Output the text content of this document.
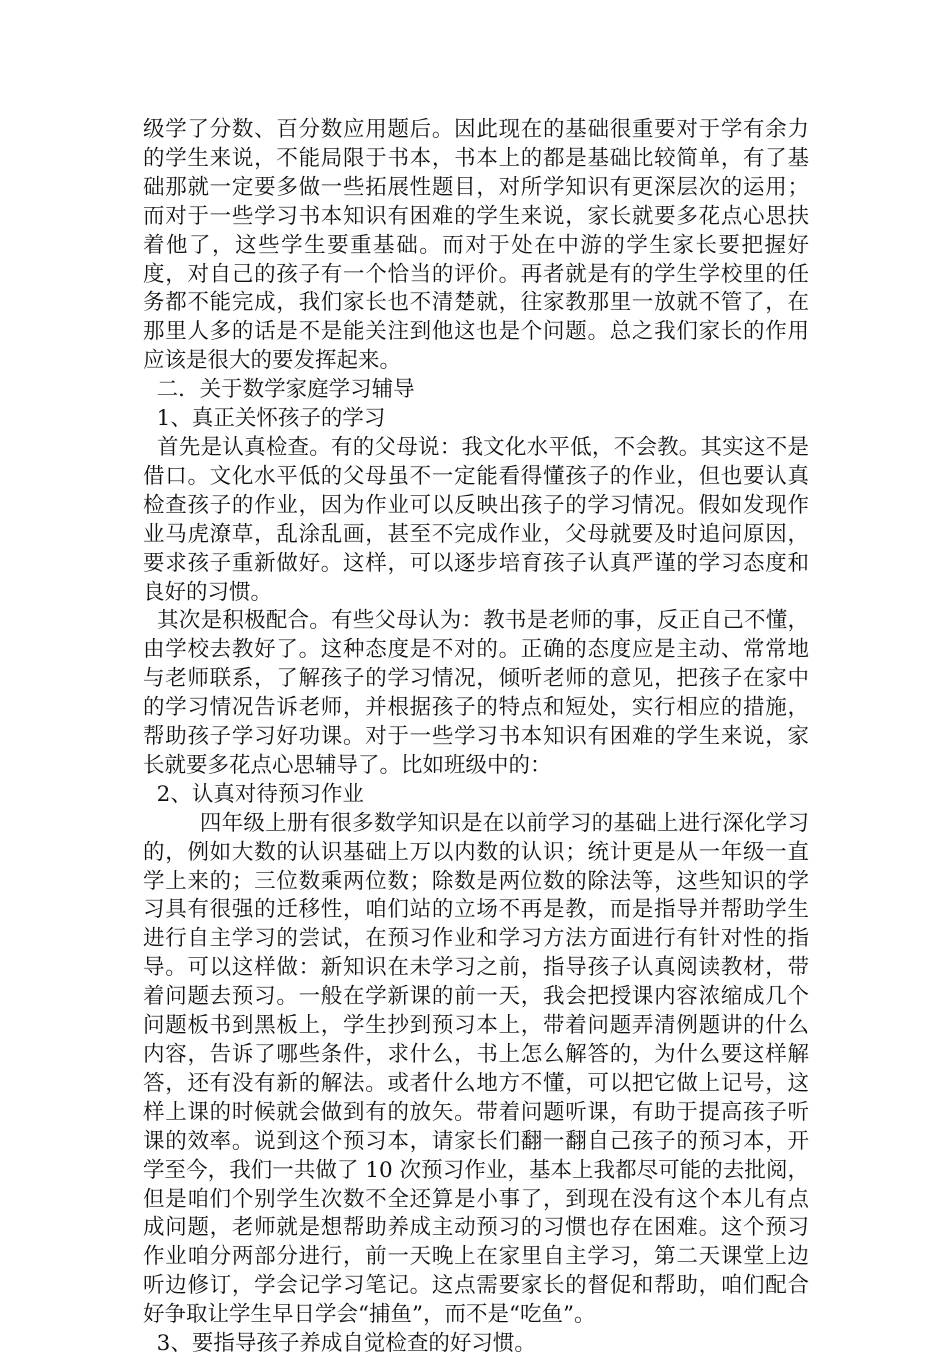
级学了分数、百分数应用题后。因此现在的基础很重要对于学有余力的学生来说，不能局限于书本，书本上的都是基础比较简单，有了基础那就一定要多做一些拓展性题目，对所学知识有更深层次的运用；而对于一些学习书本知识有困难的学生来说，家长就要多花点心思扶着他了，这些学生要重基础。而对于处在中游的学生家长要把握好度，对自己的孩子有一个恰当的评价。再者就是有的学生学校里的任务都不能完成，我们家长也不清楚就，往家教那里一放就不管了，在那里人多的话是不是能关注到他这也是个问题。总之我们家长的作用应该是很大的要发挥起来。

二．关于数学家庭学习辅导

1、真正关怀孩子的学习

首先是认真检查。有的父母说：我文化水平低，不会教。其实这不是借口。文化水平低的父母虽不一定能看得懂孩子的作业，但也要认真检查孩子的作业，因为作业可以反映出孩子的学习情况。假如发现作业马虎潦草，乱涂乱画，甚至不完成作业，父母就要及时追问原因，要求孩子重新做好。这样，可以逐步培育孩子认真严谨的学习态度和良好的习惯。

其次是积极配合。有些父母认为：教书是老师的事，反正自己不懂，由学校去教好了。这种态度是不对的。正确的态度应是主动、常常地与老师联系，了解孩子的学习情况，倾听老师的意见，把孩子在家中的学习情况告诉老师，并根据孩子的特点和短处，实行相应的措施，帮助孩子学习好功课。对于一些学习书本知识有困难的学生来说，家长就要多花点心思辅导了。比如班级中的：

2、认真对待预习作业

四年级上册有很多数学知识是在以前学习的基础上进行深化学习的，例如大数的认识基础上万以内数的认识；统计更是从一年级一直学上来的；三位数乘两位数；除数是两位数的除法等，这些知识的学习具有很强的迁移性，咱们站的立场不再是教，而是指导并帮助学生进行自主学习的尝试，在预习作业和学习方法方面进行有针对性的指导。可以这样做：新知识在未学习之前，指导孩子认真阅读教材，带着问题去预习。一般在学新课的前一天，我会把授课内容浓缩成几个问题板书到黑板上，学生抄到预习本上，带着问题弄清例题讲的什么内容，告诉了哪些条件，求什么，书上怎么解答的，为什么要这样解答，还有没有新的解法。或者什么地方不懂，可以把它做上记号，这样上课的时候就会做到有的放矢。带着问题听课，有助于提高孩子听课的效率。说到这个预习本，请家长们翻一翻自己孩子的预习本，开学至今，我们一共做了 10 次预习作业，基本上我都尽可能的去批阅，但是咱们个别学生次数不全还算是小事了，到现在没有这个本儿有点成问题，老师就是想帮助养成主动预习的习惯也存在困难。这个预习作业咱分两部分进行，前一天晚上在家里自主学习，第二天课堂上边听边修订，学会记学习笔记。这点需要家长的督促和帮助，咱们配合好争取让学生早日学会“捕鱼”，而不是“吃鱼”。

3、要指导孩子养成自觉检查的好习惯。
